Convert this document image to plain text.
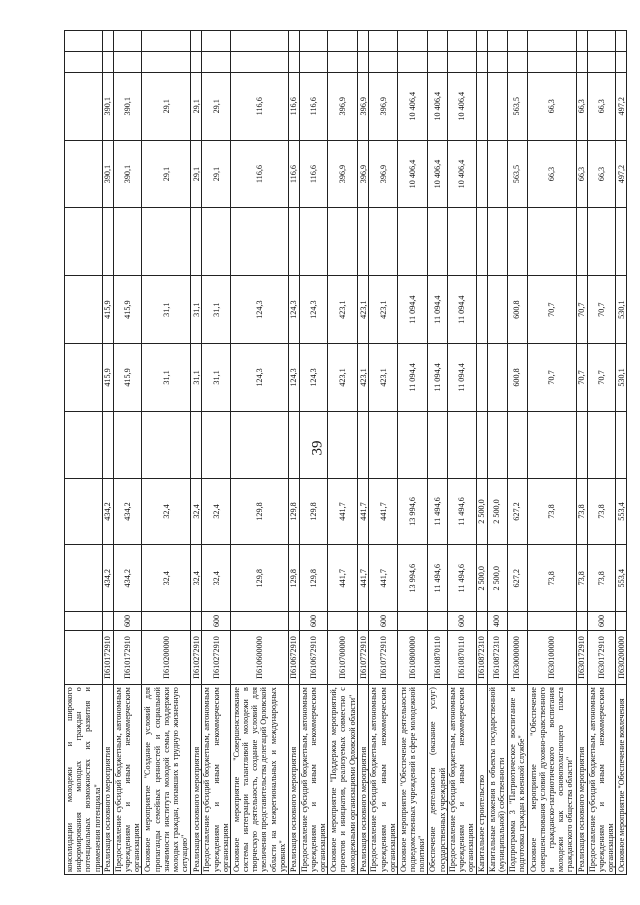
39
консолидации молодежи и широкого информирования молодых граждан о потенциальных возможностях их развития и применения потенциала"												
Реализация основного мероприятия	П610172910		434,2	434,2		415,9	415,9		390,1	390,1		
Предоставление субсидий бюджетным, автономным учреждениям и иным некоммерческим организациям	П610172910	600	434,2	434,2		415,9	415,9		390,1	390,1		
Основное мероприятие "Создание условий для пропаганды семейных ценностей и социальной значимости института молодой семьи, поддержки молодых граждан, попавших в трудную жизненную ситуацию"	П610200000		32,4	32,4		31,1	31,1		29,1	29,1		
Реализация основного мероприятия	П610272910		32,4	32,4		31,1	31,1		29,1	29,1		
Предоставление субсидий бюджетным, автономным учреждениям и иным некоммерческим организациям	П610272910	600	32,4	32,4		31,1	31,1		29,1	29,1		
Основное мероприятие "Совершенствование системы интеграции талантливой молодежи в творческую деятельность, создание условий для увеличения представительства делегаций Орловской области на межрегиональных и международных уровнях"	П610600000		129,8	129,8		124,3	124,3		116,6	116,6		
Реализация основного мероприятия	П610672910		129,8	129,8		124,3	124,3		116,6	116,6		
Предоставление субсидий бюджетным, автономным учреждениям и иным некоммерческим организациям	П610672910	600	129,8	129,8		124,3	124,3		116,6	116,6		
Основное мероприятие "Поддержка мероприятий, проектов и инициатив, реализуемых совместно с молодежными организациями Орловской области"	П610700000		441,7	441,7		423,1	423,1		396,9	396,9		
Реализация основного мероприятия	П610772910		441,7	441,7		423,1	423,1		396,9	396,9		
Предоставление субсидий бюджетным, автономным учреждениям и иным некоммерческим организациям	П610772910	600	441,7	441,7		423,1	423,1		396,9	396,9		
Основное мероприятие "Обеспечение деятельности подведомственных учреждений в сфере молодежной политики"	П610800000		13 994,6	13 994,6		11 094,4	11 094,4		10 406,4	10 406,4		
Обеспечение деятельности (оказание услуг) государственных учреждений	П610870110		11 494,6	11 494,6		11 094,4	11 094,4		10 406,4	10 406,4		
Предоставление субсидий бюджетным, автономным учреждениям и иным некоммерческим организациям	П610870110	600	11 494,6	11 494,6		11 094,4	11 094,4		10 406,4	10 406,4		
Капитальное строительство	П610872310		2 500,0	2 500,0								
Капитальные вложения в объекты государственной (муниципальной) собственности	П610872310	400	2 500,0	2 500,0								
Подпрограмма 3 "Патриотическое воспитание и подготовка граждан к военной службе"	П630000000		627,2	627,2		600,8	600,8		563,5	563,5		
Основное мероприятие "Обеспечение совершенствования условий духовно-нравственного и гражданско-патриотического воспитания молодежи как основополагающего пласта гражданского общества области"	П630100000		73,8	73,8		70,7	70,7		66,3	66,3		
Реализация основного мероприятия	П630172910		73,8	73,8		70,7	70,7		66,3	66,3		
Предоставление субсидий бюджетным, автономным учреждениям и иным некоммерческим организациям	П630172910	600	73,8	73,8		70,7	70,7		66,3	66,3		
Основное мероприятие "Обеспечение вовлечения	П630200000		553,4	553,4		530,1	530,1		497,2	497,2		
